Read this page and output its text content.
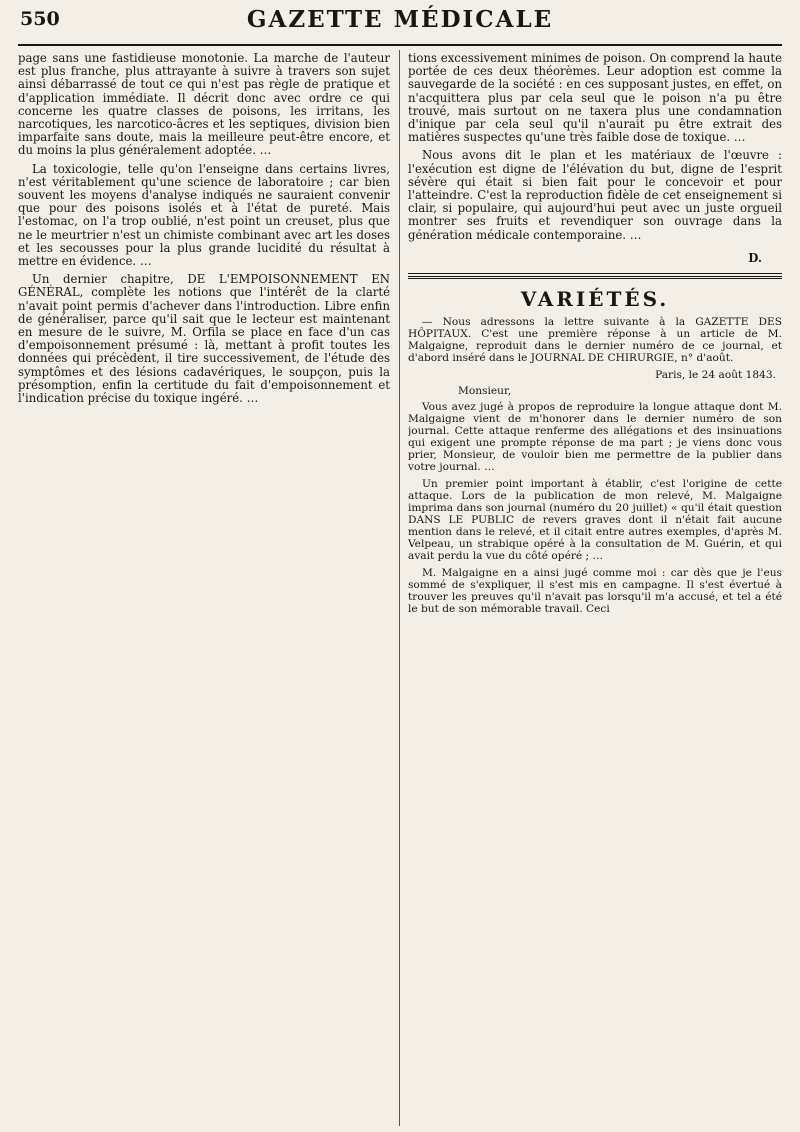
550	GAZETTE MÉDICALE

page sans une fastidieuse monotonie. La marche de l'auteur est plus franche, plus attrayante à suivre à travers son sujet ainsi débarrassé de tout ce qui n'est pas règle de pratique et d'application immédiate. Il décrit donc avec ordre ce qui concerne les quatre classes de poisons, les irritans, les narcotiques, les narcotico-âcres et les septiques, division bien imparfaite sans doute, mais la meilleure peut-être encore, et du moins la plus généralement adoptée. …

La toxicologie, telle qu'on l'enseigne dans certains livres, n'est véritablement qu'une science de laboratoire ; car bien souvent les moyens d'analyse indiqués ne sauraient convenir que pour des poisons isolés et à l'état de pureté. Mais l'estomac, on l'a trop oublié, n'est point un creuset, plus que ne le meurtrier n'est un chimiste combinant avec art les doses et les secousses pour la plus grande lucidité du résultat à mettre en évidence. …

Un dernier chapitre, DE L'EMPOISONNEMENT EN GÉNÉRAL, complète les notions que l'intérêt de la clarté n'avait point permis d'achever dans l'introduction. Libre enfin de généraliser, parce qu'il sait que le lecteur est maintenant en mesure de le suivre, M. Orfila se place en face d'un cas d'empoisonnement présumé : là, mettant à profit toutes les données qui précèdent, il tire successivement, de l'étude des symptômes et des lésions cadavériques, le soupçon, puis la présomption, enfin la certitude du fait d'empoisonnement et l'indication précise du toxique ingéré. …

tions excessivement minimes de poison. On comprend la haute portée de ces deux théorèmes. Leur adoption est comme la sauvegarde de la société : en ces supposant justes, en effet, on n'acquittera plus par cela seul que le poison n'a pu être trouvé, mais surtout on ne taxera plus une condamnation d'inique par cela seul qu'il n'aurait pu être extrait des matières suspectes qu'une très faible dose de toxique. …

Nous avons dit le plan et les matériaux de l'œuvre : l'exécution est digne de l'élévation du but, digne de l'esprit sévère qui était si bien fait pour le concevoir et pour l'atteindre. C'est la reproduction fidèle de cet enseignement si clair, si populaire, qui aujourd'hui peut avec un juste orgueil montrer ses fruits et revendiquer son ouvrage dans la génération médicale contemporaine. …

D.
VARIÉTÉS.

— Nous adressons la lettre suivante à la GAZETTE DES HÔPITAUX. C'est une première réponse à un article de M. Malgaigne, reproduit dans le dernier numéro de ce journal, et d'abord inséré dans le JOURNAL DE CHIRURGIE, n° d'août.

Paris, le 24 août 1843.
Monsieur,

Vous avez jugé à propos de reproduire la longue attaque dont M. Malgaigne vient de m'honorer dans le dernier numéro de son journal. Cette attaque renferme des allégations et des insinuations qui exigent une prompte réponse de ma part ; je viens donc vous prier, Monsieur, de vouloir bien me permettre de la publier dans votre journal. …

Un premier point important à établir, c'est l'origine de cette attaque. Lors de la publication de mon relevé, M. Malgaigne imprima dans son journal (numéro du 20 juillet) « qu'il était question DANS LE PUBLIC de revers graves dont il n'était fait aucune mention dans le relevé, et il citait entre autres exemples, d'après M. Velpeau, un strabique opéré à la consultation de M. Guérin, et qui avait perdu la vue du côté opéré ; …

M. Malgaigne en a ainsi jugé comme moi : car dès que je l'eus sommé de s'expliquer, il s'est mis en campagne. Il s'est évertué à trouver les preuves qu'il n'avait pas lorsqu'il m'a accusé, et tel a été le but de son mémorable travail. Ceci
